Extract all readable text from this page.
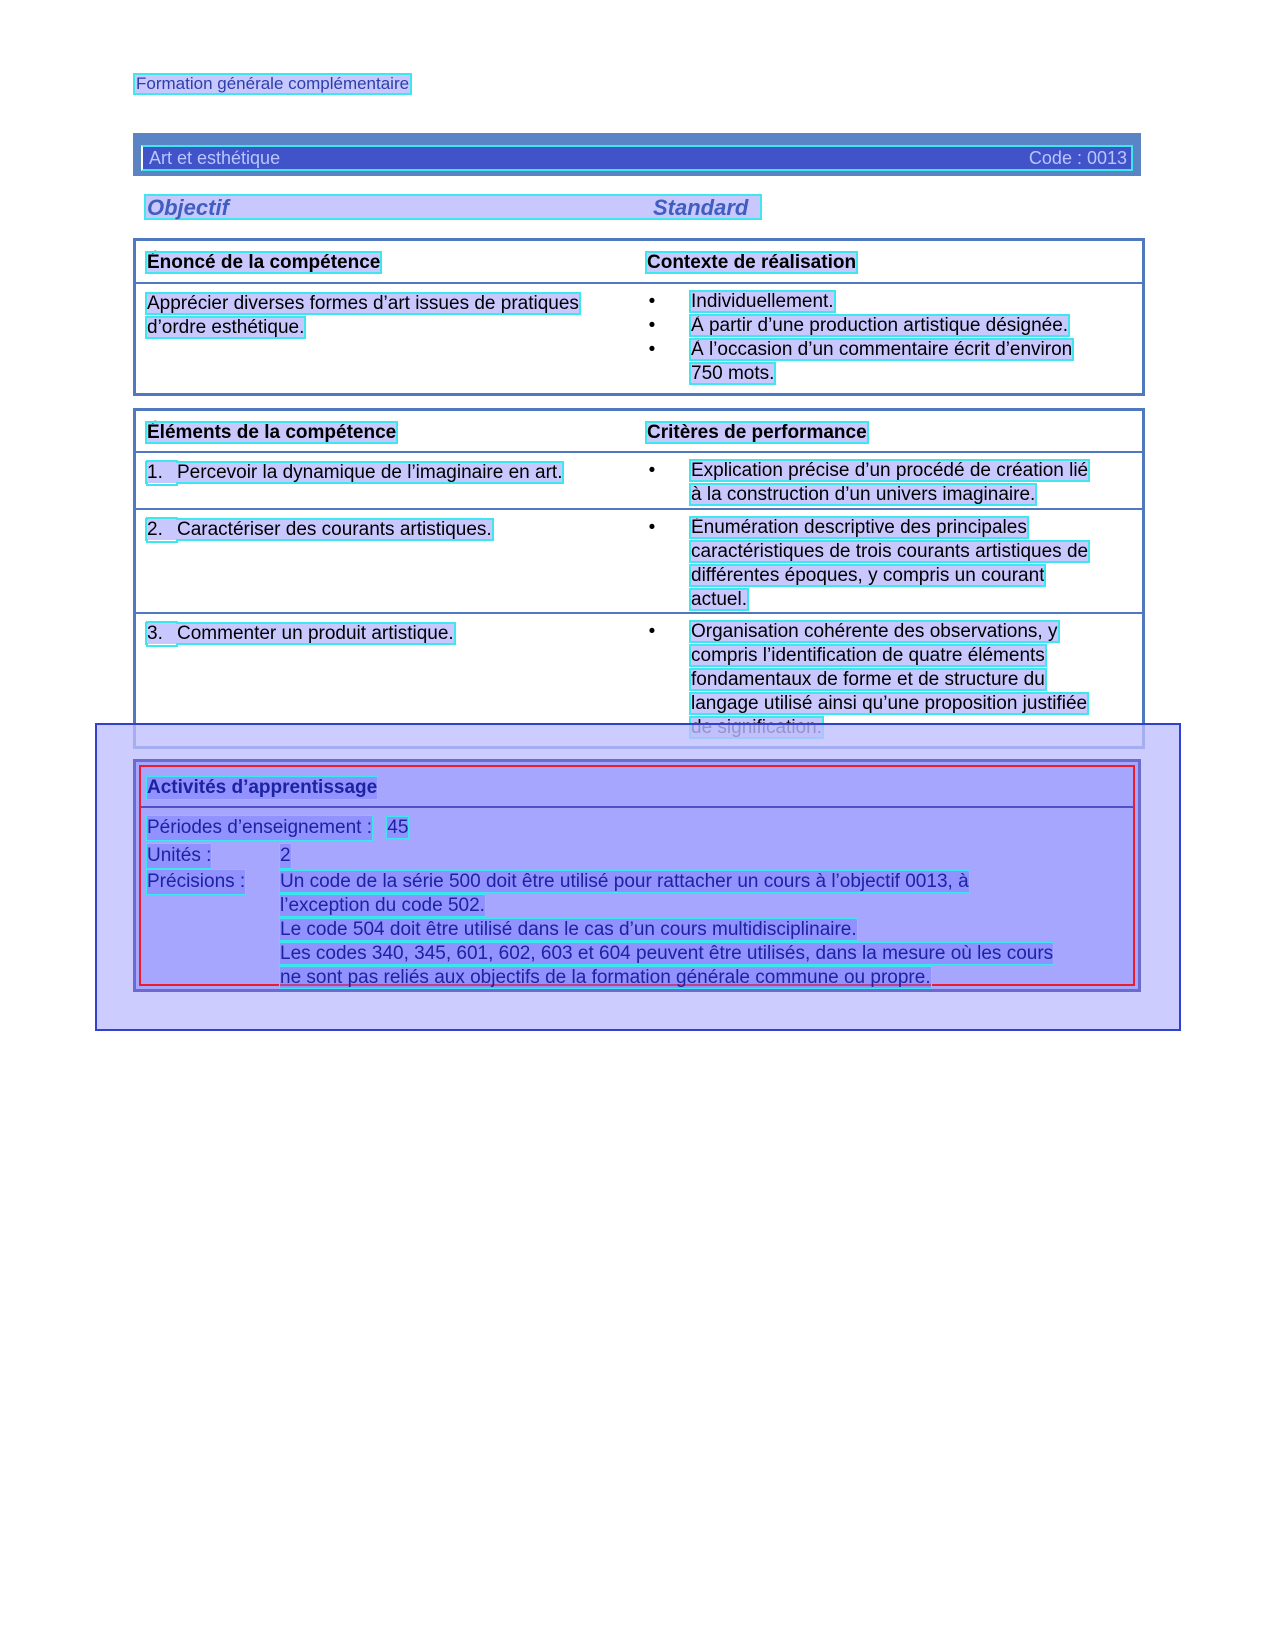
Formation générale complémentaire
Art et esthétique	Code : 0013
Objectif	Standard
Énoncé de la compétence	Contexte de réalisation
Apprécier diverses formes d’art issues de pratiques
d’ordre esthétique.
• Individuellement.
• À partir d’une production artistique désignée.
• À l’occasion d’un commentaire écrit d’environ
750 mots.
Éléments de la compétence	Critères de performance
1. Percevoir la dynamique de l’imaginaire en art.	• Explication précise d’un procédé de création lié
à la construction d’un univers imaginaire.
2. Caractériser des courants artistiques.	• Énumération descriptive des principales
caractéristiques de trois courants artistiques de
différentes époques, y compris un courant
actuel.
3. Commenter un produit artistique.	• Organisation cohérente des observations, y
compris l’identification de quatre éléments
fondamentaux de forme et de structure du
langage utilisé ainsi qu’une proposition justifiée

Activités d’apprentissage
Périodes d’enseignement : 45
Unités :	2
Précisions : Un code de la série 500 doit être utilisé pour rattacher un cours à l’objectif 0013, à
l’exception du code 502.
Le code 504 doit être utilisé dans le cas d’un cours multidisciplinaire.
Les codes 340, 345, 601, 602, 603 et 604 peuvent être utilisés, dans la mesure où les cours
ne sont pas reliés aux objectifs de la formation générale commune ou propre.
